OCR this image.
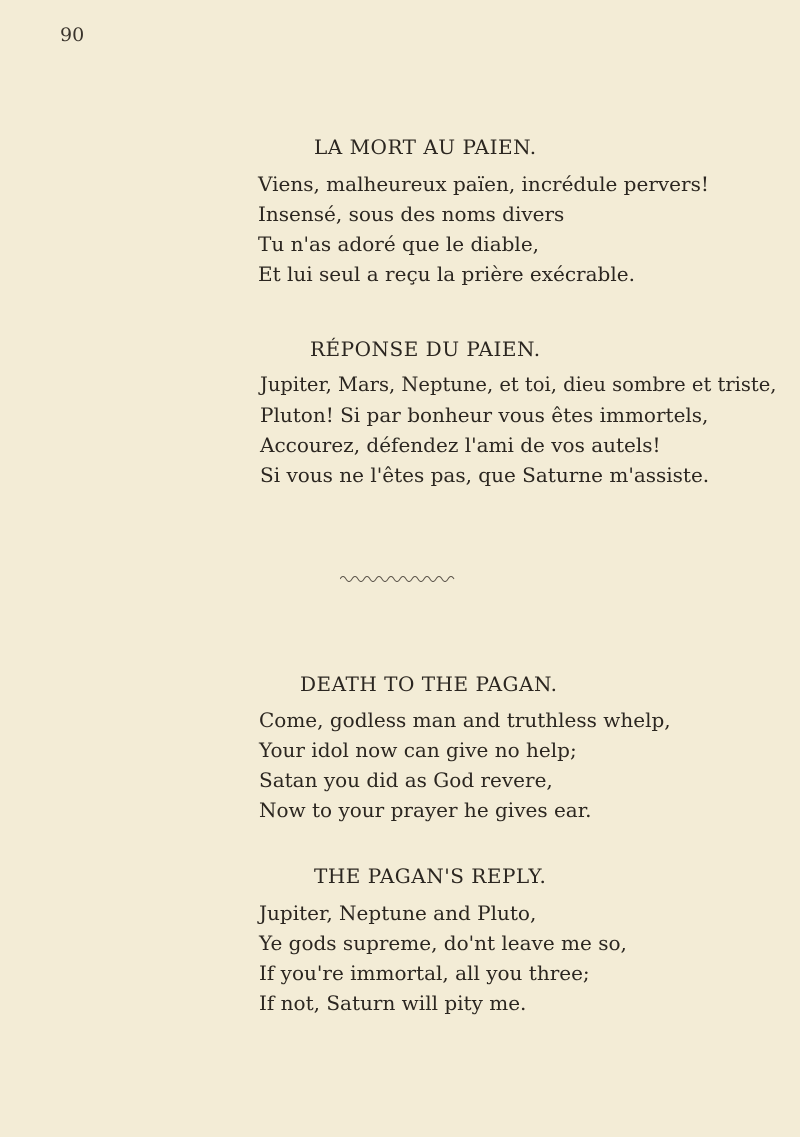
90
LA MORT AU PAIEN.
Viens, malheureux païen, incrédule pervers!
Insensé, sous des noms divers
Tu n'as adoré que le diable,
Et lui seul a reçu la prière exécrable.
RÉPONSE DU PAIEN.
Jupiter, Mars, Neptune, et toi, dieu sombre et triste,
Pluton! Si par bonheur vous êtes immortels,
Accourez, défendez l'ami de vos autels!
Si vous ne l'êtes pas, que Saturne m'assiste.
DEATH TO THE PAGAN.
Come, godless man and truthless whelp,
Your idol now can give no help;
Satan you did as God revere,
Now to your prayer he gives ear.
THE PAGAN'S REPLY.
Jupiter, Neptune and Pluto,
Ye gods supreme, do'nt leave me so,
If you're immortal, all you three;
If not, Saturn will pity me.
